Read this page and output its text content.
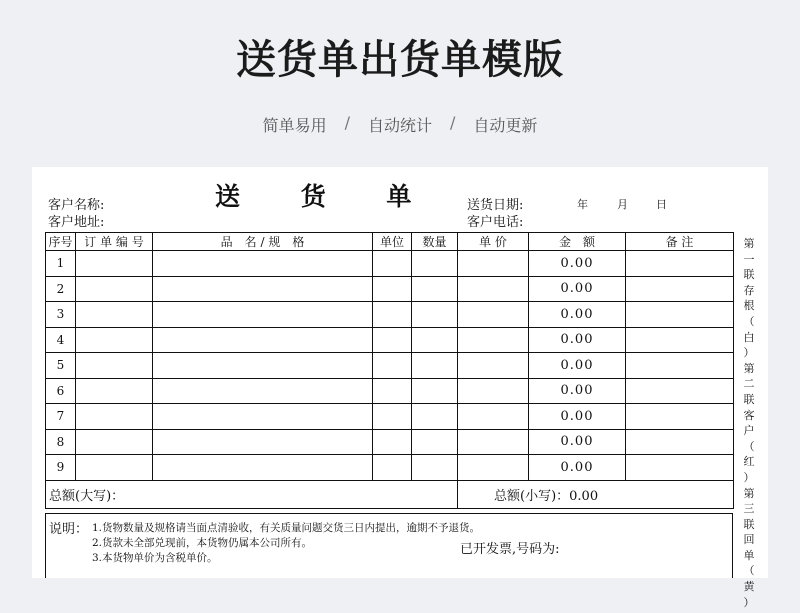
送货单出货单模版
简单易用 / 自动统计 / 自动更新
送 货 单
客户名称:
客户地址:
送货日期:	年	月	日
客户电话:
序号	订 单 编 号	品　名 / 规　格	单位	数量	单 价	金　额	备 注
1						0.00	
2						0.00	
3						0.00	
4						0.00	
5						0.00	
6						0.00	
7						0.00	
8						0.00	
9						0.00	
总额(大写)：					总额(小写)：0.00		
说明： 1.货物数量及规格请当面点清验收，有关质量问题交货三日内提出，逾期不予退货。
2.货款未全部兑现前，本货物仍属本公司所有。
3.本货物单价为含税单价。
已开发票,号码为:
第
一
联
存
根
（
白
）
第
二
联
客
户
（
红
）
第
三
联
回
单
（
黄
）
